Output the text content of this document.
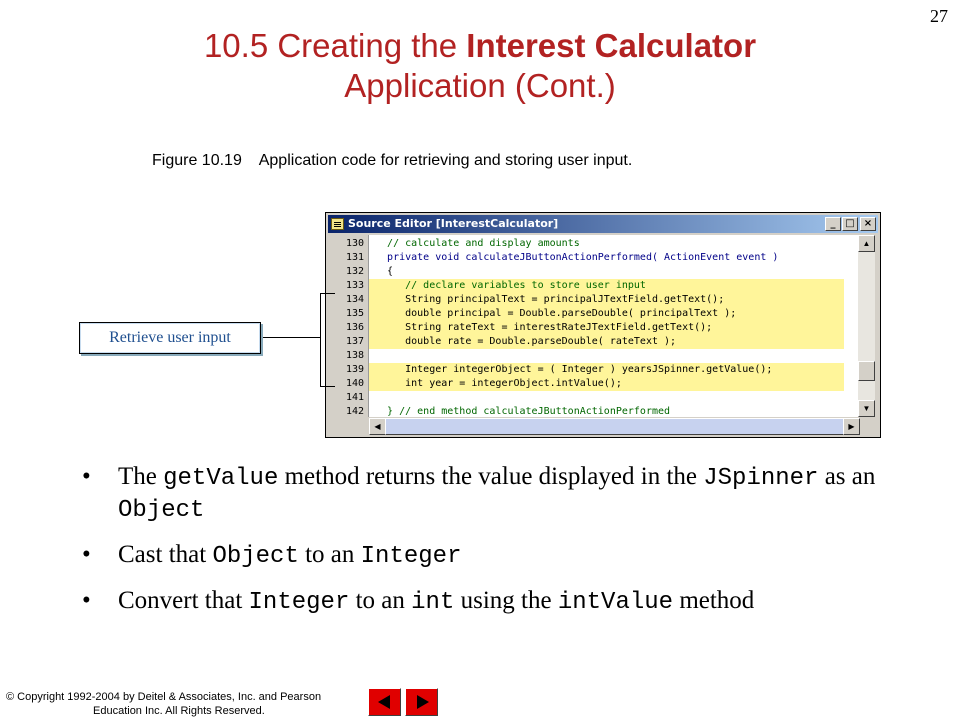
27
10.5 Creating the Interest Calculator
Application (Cont.)
Figure 10.19    Application code for retrieving and storing user input.
Source Editor [InterestCalculator]	_ □ ×
130
131
132
133
134
135
136
137
138
139
140
141
142
// calculate and display amounts
private void calculateJButtonActionPerformed( ActionEvent event )
{
// declare variables to store user input
String principalText = principalJTextField.getText();
double principal = Double.parseDouble( principalText );
String rateText = interestRateJTextField.getText();
double rate = Double.parseDouble( rateText );
Integer integerObject = ( Integer ) yearsJSpinner.getValue();
int year = integerObject.intValue();
} // end method calculateJButtonActionPerformed
▲
▼
◀	▶
Retrieve user input
• The getValue method returns the value displayed in the JSpinner as an Object
• Cast that Object to an Integer
• Convert that Integer to an int using the intValue method
© Copyright 1992-2004 by Deitel & Associates, Inc. and Pearson
Education Inc. All Rights Reserved.
